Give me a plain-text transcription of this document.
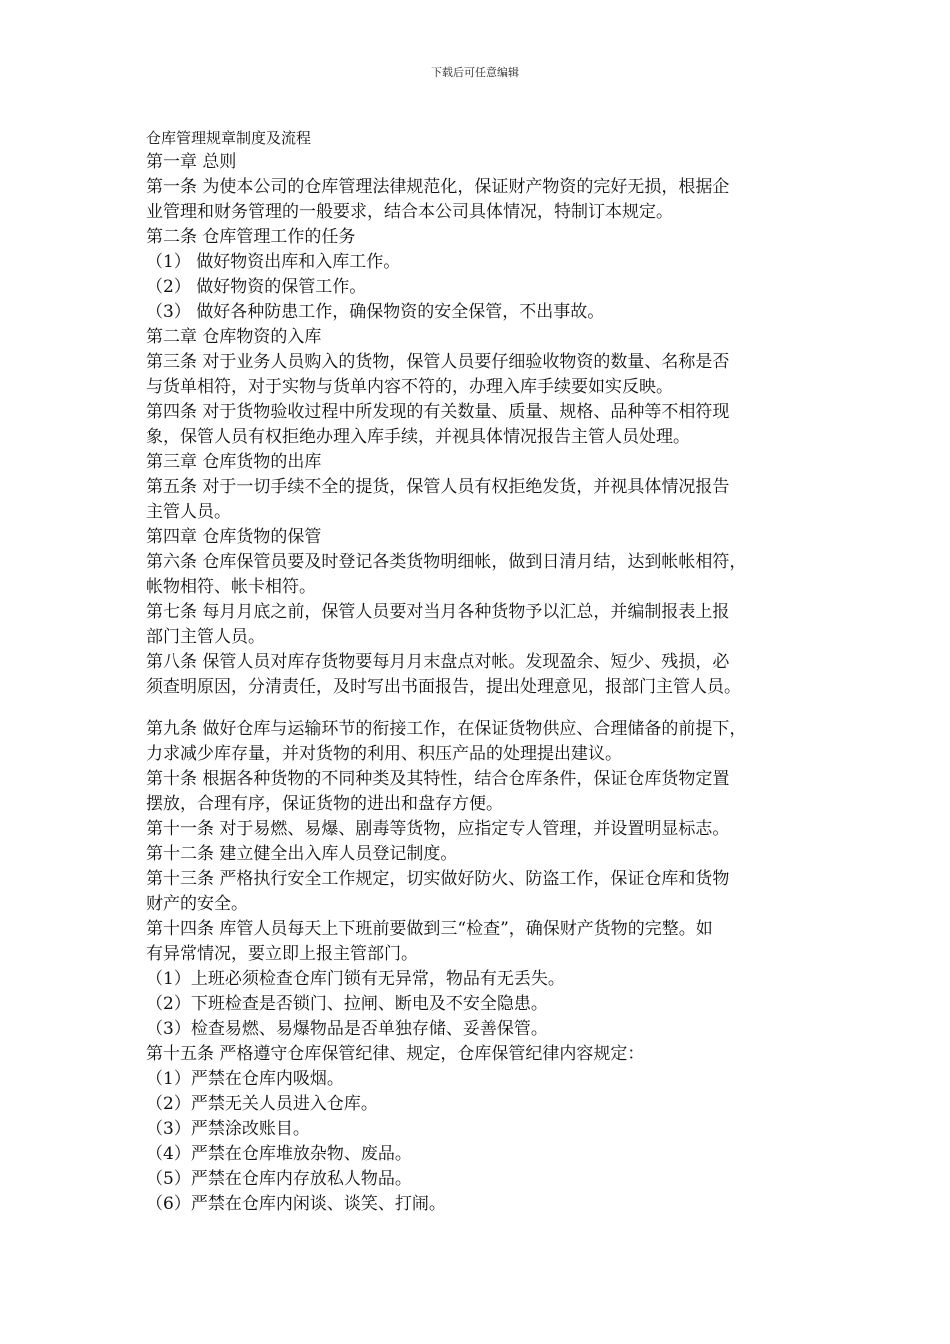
下载后可任意编辑
仓库管理规章制度及流程
第一章 总则
第一条 为使本公司的仓库管理法律规范化，保证财产物资的完好无损，根据企
业管理和财务管理的一般要求，结合本公司具体情况，特制订本规定。
第二条 仓库管理工作的任务
（1） 做好物资出库和入库工作。
（2） 做好物资的保管工作。
（3） 做好各种防患工作，确保物资的安全保管，不出事故。
第二章 仓库物资的入库
第三条 对于业务人员购入的货物，保管人员要仔细验收物资的数量、名称是否
与货单相符，对于实物与货单内容不符的，办理入库手续要如实反映。
第四条 对于货物验收过程中所发现的有关数量、质量、规格、品种等不相符现
象，保管人员有权拒绝办理入库手续，并视具体情况报告主管人员处理。
第三章 仓库货物的出库
第五条 对于一切手续不全的提货，保管人员有权拒绝发货，并视具体情况报告
主管人员。
第四章 仓库货物的保管
第六条 仓库保管员要及时登记各类货物明细帐，做到日清月结，达到帐帐相符，
帐物相符、帐卡相符。
第七条 每月月底之前，保管人员要对当月各种货物予以汇总，并编制报表上报
部门主管人员。
第八条 保管人员对库存货物要每月月末盘点对帐。发现盈余、短少、残损，必
须查明原因，分清责任，及时写出书面报告，提出处理意见，报部门主管人员。
第九条 做好仓库与运输环节的衔接工作，在保证货物供应、合理储备的前提下，
力求减少库存量，并对货物的利用、积压产品的处理提出建议。
第十条 根据各种货物的不同种类及其特性，结合仓库条件，保证仓库货物定置
摆放，合理有序，保证货物的进出和盘存方便。
第十一条 对于易燃、易爆、剧毒等货物，应指定专人管理，并设置明显标志。
第十二条 建立健全出入库人员登记制度。
第十三条 严格执行安全工作规定，切实做好防火、防盗工作，保证仓库和货物
财产的安全。
第十四条 库管人员每天上下班前要做到三“检查”，确保财产货物的完整。如
有异常情况，要立即上报主管部门。
（1）上班必须检查仓库门锁有无异常，物品有无丢失。
（2）下班检查是否锁门、拉闸、断电及不安全隐患。
（3）检查易燃、易爆物品是否单独存储、妥善保管。
第十五条 严格遵守仓库保管纪律、规定，仓库保管纪律内容规定：
（1）严禁在仓库内吸烟。
（2）严禁无关人员进入仓库。
（3）严禁涂改账目。
（4）严禁在仓库堆放杂物、废品。
（5）严禁在仓库内存放私人物品。
（6）严禁在仓库内闲谈、谈笑、打闹。
